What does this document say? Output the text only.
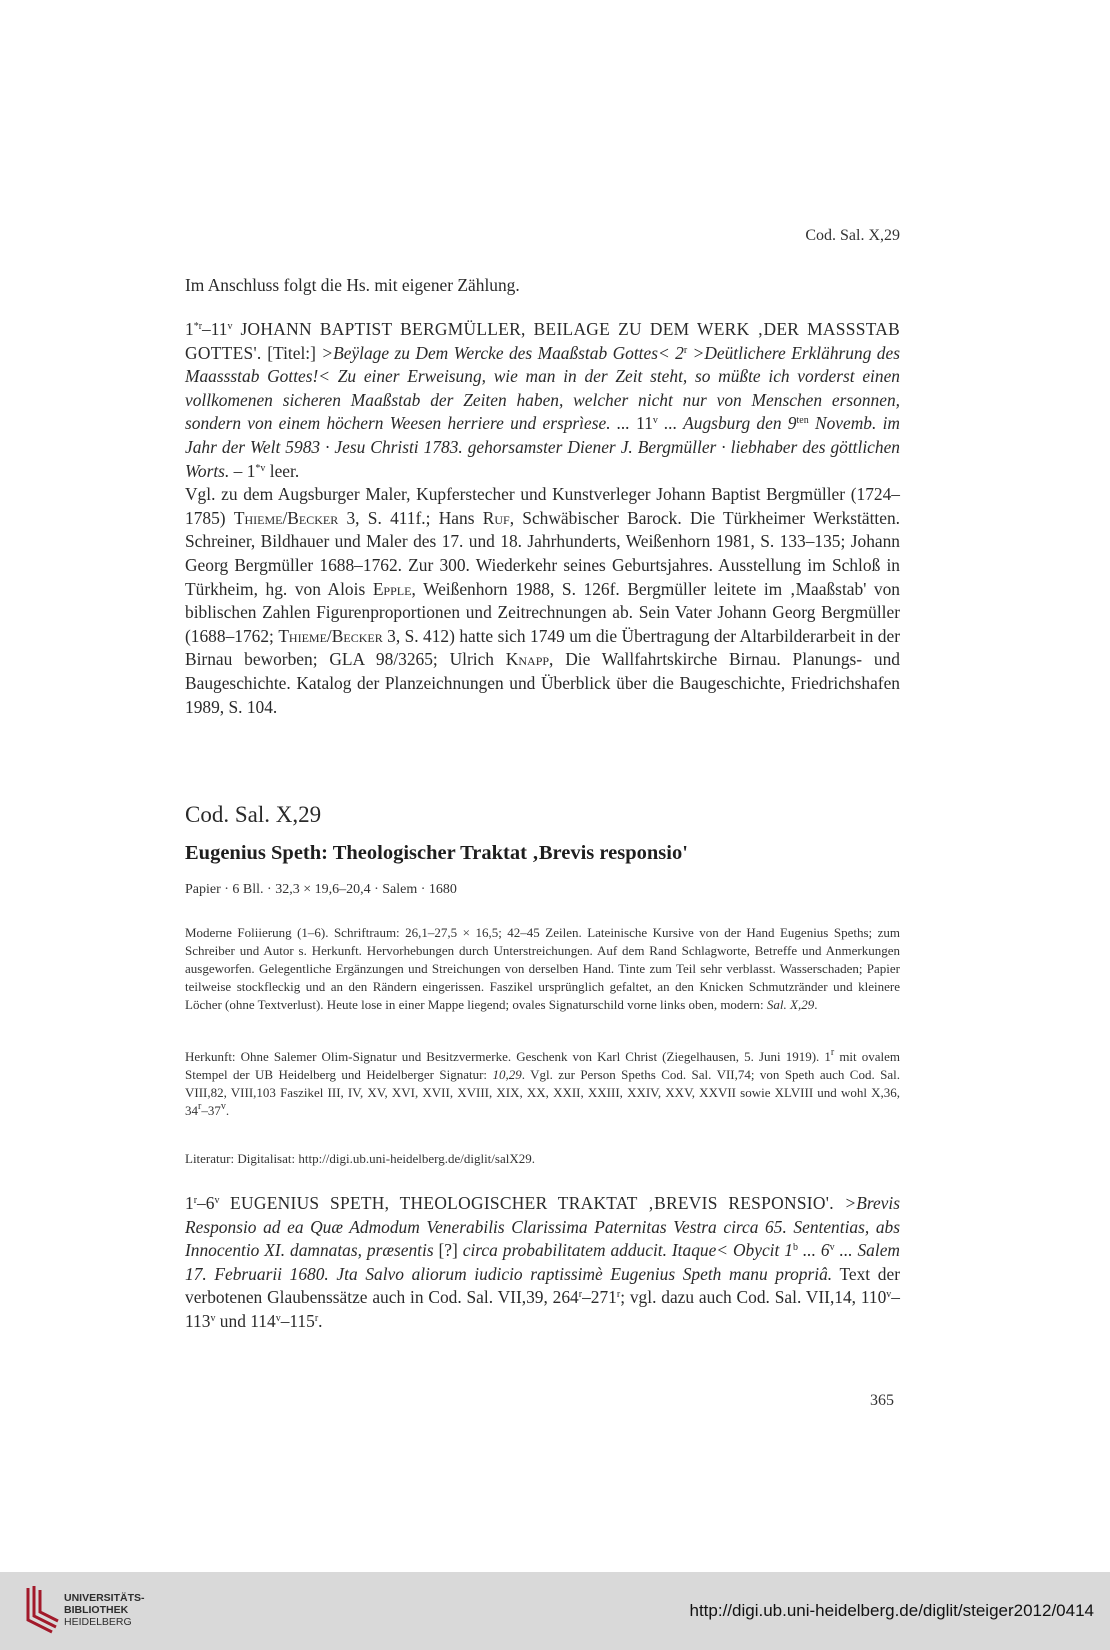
Cod. Sal. X,29
Im Anschluss folgt die Hs. mit eigener Zählung.

1$^{*r}$–11$^v$ JOHANN BAPTIST BERGMÜLLER, BEILAGE ZU DEM WERK ‚DER MASSSTAB GOTTES'. [Titel:] >Beÿlage zu Dem Wercke des Maaßstab Gottes< $2^r$ >Deütlichere Erklährung des Maassstab Gottes!< Zu einer Erweisung, wie man in der Zeit steht, so müßte ich vorderst einen vollkomenen sicheren Maaßstab der Zeiten haben, welcher nicht nur von Menschen ersonnen, sondern von einem höchern Weesen herriere und ersprìese. ... 11$^v$ ... Augsburg den $9^{ten}$ Novemb. im Jahr der Welt 5983 · Jesu Christi 1783. gehorsamster Diener J. Bergmüller · liebhaber des göttlichen Worts. – 1$^{*v}$ leer.

Vgl. zu dem Augsburger Maler, Kupferstecher und Kunstverleger Johann Baptist Bergmüller (1724–1785) Thieme/Becker 3, S. 411f.; Hans Ruf, Schwäbischer Barock. Die Türkheimer Werkstätten. Schreiner, Bildhauer und Maler des 17. und 18. Jahrhunderts, Weißenhorn 1981, S. 133–135; Johann Georg Bergmüller 1688–1762. Zur 300. Wiederkehr seines Geburtsjahres. Ausstellung im Schloß in Türkheim, hg. von Alois Epple, Weißenhorn 1988, S. 126f. Bergmüller leitete im ‚Maaßstab' von biblischen Zahlen Figurenproportionen und Zeitrechnungen ab. Sein Vater Johann Georg Bergmüller (1688–1762; Thieme/Becker 3, S. 412) hatte sich 1749 um die Übertragung der Altarbilderarbeit in der Birnau beworben; GLA 98/3265; Ulrich Knapp, Die Wallfahrtskirche Birnau. Planungs- und Baugeschichte. Katalog der Planzeichnungen und Überblick über die Baugeschichte, Friedrichshafen 1989, S. 104.

Cod. Sal. X,29
Eugenius Speth: Theologischer Traktat ‚Brevis responsio'
Papier · 6 Bll. · 32,3 × 19,6–20,4 · Salem · 1680
Moderne Foliierung (1–6). Schriftraum: 26,1–27,5 × 16,5; 42–45 Zeilen. Lateinische Kursive von der Hand Eugenius Speths; zum Schreiber und Autor s. Herkunft. Hervorhebungen durch Unterstreichungen. Auf dem Rand Schlagworte, Betreffe und Anmerkungen ausgeworfen. Gelegentliche Ergänzungen und Streichungen von derselben Hand. Tinte zum Teil sehr verblasst. Wasserschaden; Papier teilweise stockfleckig und an den Rändern eingerissen. Faszikel ursprünglich gefaltet, an den Knicken Schmutzränder und kleinere Löcher (ohne Textverlust). Heute lose in einer Mappe liegend; ovales Signaturschild vorne links oben, modern: Sal. X,29.
Herkunft: Ohne Salemer Olim-Signatur und Besitzvermerke. Geschenk von Karl Christ (Ziegelhausen, 5. Juni 1919). 1$^r$ mit ovalem Stempel der UB Heidelberg und Heidelberger Signatur: 10,29. Vgl. zur Person Speths Cod. Sal. VII,74; von Speth auch Cod. Sal. VIII,82, VIII,103 Faszikel III, IV, XV, XVI, XVII, XVIII, XIX, XX, XXII, XXIII, XXIV, XXV, XXVII sowie XLVIII und wohl X,36, 34$^r$–37$^v$.
Literatur: Digitalisat: http://digi.ub.uni-heidelberg.de/diglit/salX29.
1$^r$–6$^v$ EUGENIUS SPETH, THEOLOGISCHER TRAKTAT ‚BREVIS RESPONSIO'. >Brevis Responsio ad ea Quæ Admodum Venerabilis Clarissima Paternitas Vestra circa 65. Sententias, abs Innocentio XI. damnatas, præsentis [?] circa probabilitatem adducit. Itaque< Obycit 1$^b$ ... 6$^v$ ... Salem 17. Februarii 1680. Jta Salvo aliorum iudicio raptissimè Eugenius Speth manu propriâ. Text der verbotenen Glaubenssätze auch in Cod. Sal. VII,39, 264$^r$–271$^r$; vgl. dazu auch Cod. Sal. VII,14, 110$^v$–113$^v$ und 114$^v$–115$^r$.
365
UNIVERSITÄTS-
BIBLIOTHEK
HEIDELBERG
http://digi.ub.uni-heidelberg.de/diglit/steiger2012/0414
